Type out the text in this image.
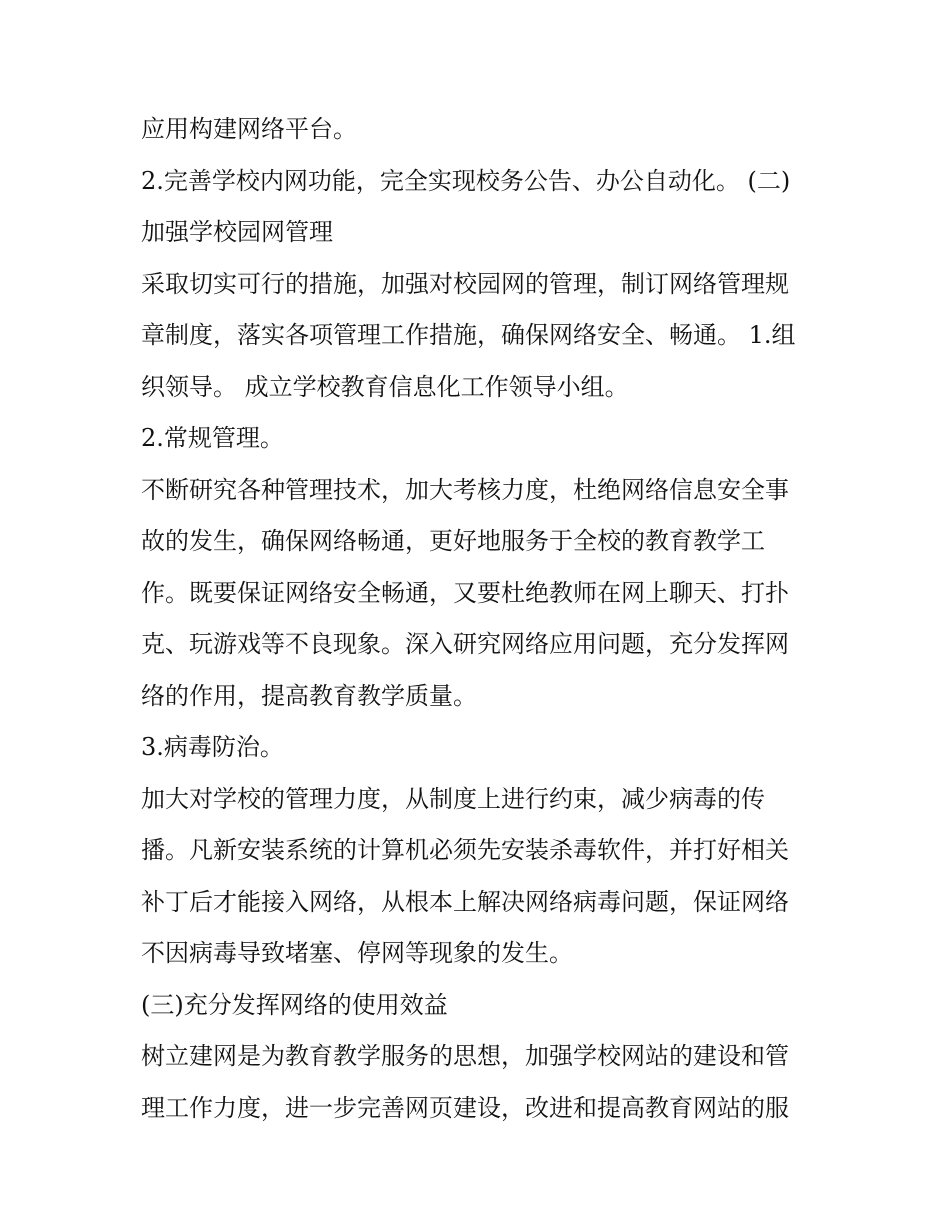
应用构建网络平台。
2.完善学校内网功能，完全实现校务公告、办公自动化。 (二)
加强学校园网管理
采取切实可行的措施，加强对校园网的管理，制订网络管理规
章制度，落实各项管理工作措施，确保网络安全、畅通。 1.组
织领导。 成立学校教育信息化工作领导小组。
2.常规管理。
不断研究各种管理技术，加大考核力度，杜绝网络信息安全事
故的发生，确保网络畅通，更好地服务于全校的教育教学工
作。既要保证网络安全畅通，又要杜绝教师在网上聊天、打扑
克、玩游戏等不良现象。深入研究网络应用问题，充分发挥网
络的作用，提高教育教学质量。
3.病毒防治。
加大对学校的管理力度，从制度上进行约束，减少病毒的传
播。凡新安装系统的计算机必须先安装杀毒软件，并打好相关
补丁后才能接入网络，从根本上解决网络病毒问题，保证网络
不因病毒导致堵塞、停网等现象的发生。
(三)充分发挥网络的使用效益
树立建网是为教育教学服务的思想，加强学校网站的建设和管
理工作力度，进一步完善网页建设，改进和提高教育网站的服
